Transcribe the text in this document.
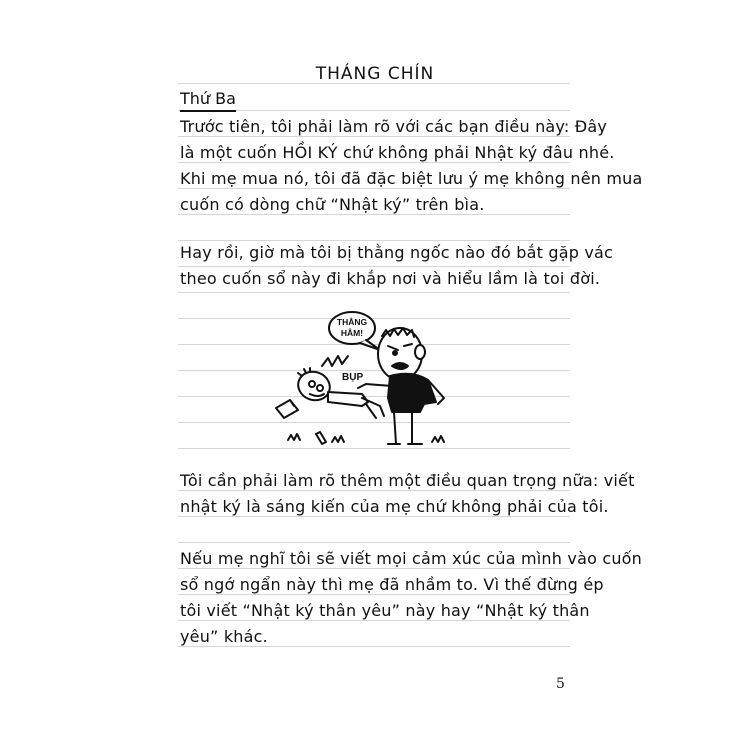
THÁNG CHÍN
Thứ Ba
Trước tiên, tôi phải làm rõ với các bạn điều này: Đây
là một cuốn HỒI KÝ chứ không phải Nhật ký đâu nhé.
Khi mẹ mua nó, tôi đã đặc biệt lưu ý mẹ không nên mua
cuốn có dòng chữ “Nhật ký” trên bìa.
Hay rồi, giờ mà tôi bị thằng ngốc nào đó bắt gặp vác
theo cuốn sổ này đi khắp nơi và hiểu lầm là toi đời.
THẰNG
HÂM!
BỤP
Tôi cần phải làm rõ thêm một điều quan trọng nữa: viết
nhật ký là sáng kiến của mẹ chứ không phải của tôi.
Nếu mẹ nghĩ tôi sẽ viết mọi cảm xúc của mình vào cuốn
sổ ngớ ngẩn này thì mẹ đã nhầm to. Vì thế đừng ép
tôi viết “Nhật ký thân yêu” này hay “Nhật ký thân
yêu” khác.
5
